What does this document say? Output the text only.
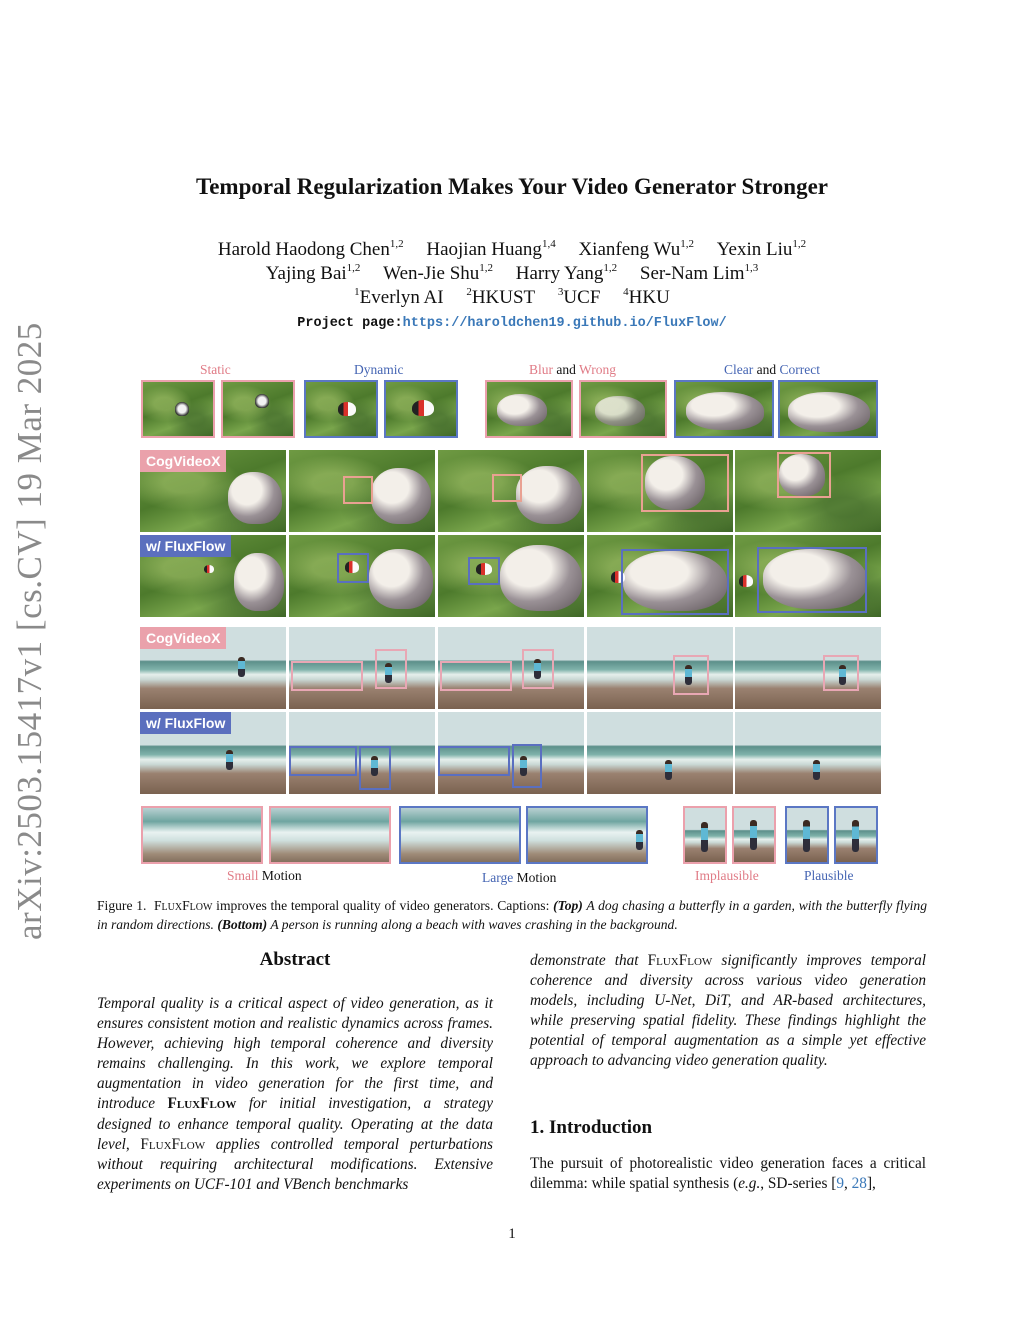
arXiv:2503.15417v1 [cs.CV] 19 Mar 2025
Temporal Regularization Makes Your Video Generator Stronger
Harold Haodong Chen$^{1,2}$ Haojian Huang$^{1,4}$ Xianfeng Wu$^{1,2}$ Yexin Liu$^{1,2}$
Yajing Bai$^{1,2}$ Wen-Jie Shu$^{1,2}$ Harry Yang$^{1,2}$ Ser-Nam Lim$^{1,3}$
$^1$Everlyn AI $^2$HKUST $^3$UCF $^4$HKU
Project page:https://haroldchen19.github.io/FluxFlow/
Static	Dynamic	Blur and Wrong	Clear and Correct
CogVideoX
w/ FluxFlow
CogVideoX
w/ FluxFlow
Small Motion	Large Motion	Implausible	Plausible
Figure 1. FluxFlow improves the temporal quality of video generators. Captions: (Top) A dog chasing a butterfly in a garden, with the butterfly flying in random directions. (Bottom) A person is running along a beach with waves crashing in the background.
Abstract
Temporal quality is a critical aspect of video generation, as it ensures consistent motion and realistic dynamics across frames. However, achieving high temporal coherence and diversity remains challenging. In this work, we explore temporal augmentation in video generation for the first time, and introduce FluxFlow for initial investigation, a strategy designed to enhance temporal quality. Operating at the data level, FluxFlow applies controlled temporal perturbations without requiring architectural modifications. Extensive experiments on UCF-101 and VBench benchmarks
demonstrate that FluxFlow significantly improves temporal coherence and diversity across various video generation models, including U-Net, DiT, and AR-based architectures, while preserving spatial fidelity. These findings highlight the potential of temporal augmentation as a simple yet effective approach to advancing video generation quality.
1. Introduction
The pursuit of photorealistic video generation faces a critical dilemma: while spatial synthesis (e.g., SD-series [9, 28],
1
